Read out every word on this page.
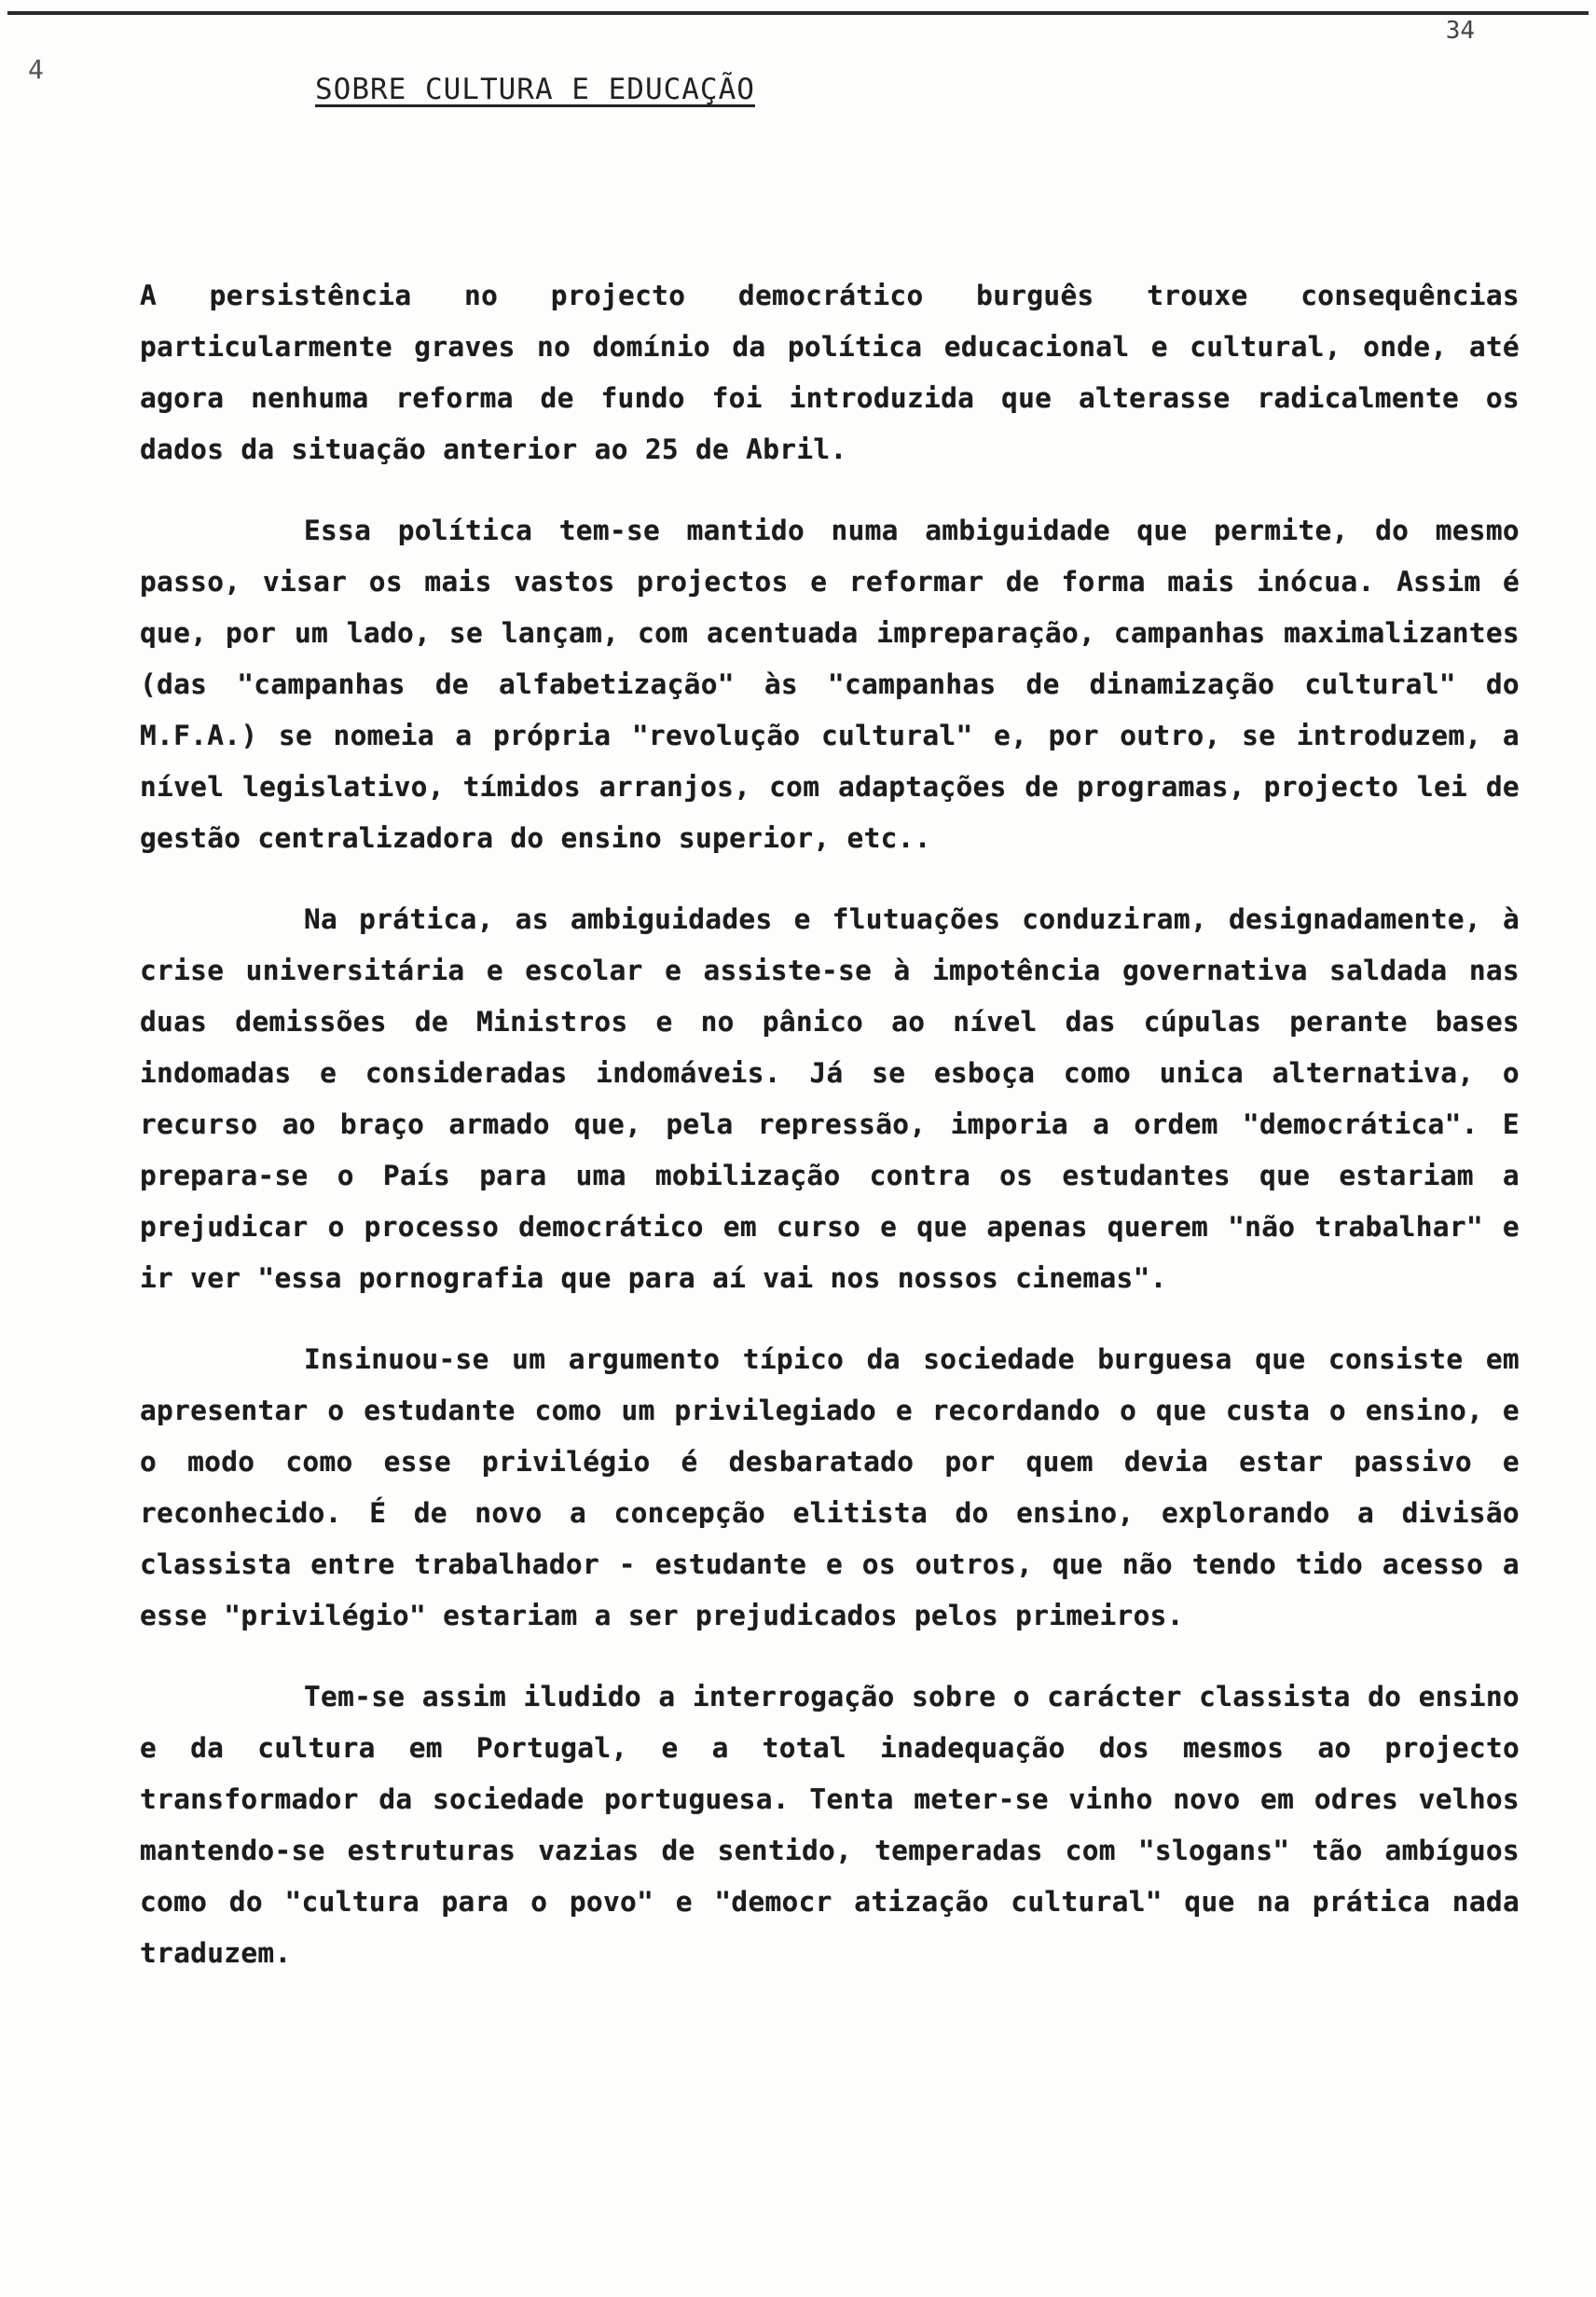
34
4
SOBRE CULTURA E EDUCAÇÃO

A persistência no projecto democrático burguês trouxe consequências particularmente graves no domínio da política educacional e cultural, onde, até agora nenhuma reforma de fundo foi introduzida que alterasse radicalmente os dados da situação anterior ao 25 de Abril.

Essa política tem-se mantido numa ambiguidade que permite, do mesmo passo, visar os mais vastos projectos e reformar de forma mais inócua. Assim é que, por um lado, se lançam, com acentuada impreparação, campanhas maximalizantes (das "campanhas de alfabetização" às "campanhas de dinamização cultural" do M.F.A.) se nomeia a própria "revolução cultural" e, por outro, se introduzem, a nível legislativo, tímidos arranjos, com adaptações de programas, projecto lei de gestão centralizadora do ensino superior, etc..

Na prática, as ambiguidades e flutuações conduziram, designadamente, à crise universitária e escolar e assiste-se à impotência governativa saldada nas duas demissões de Ministros e no pânico ao nível das cúpulas perante bases indomadas e consideradas indomáveis. Já se esboça como unica alternativa, o recurso ao braço armado que, pela repressão, imporia a ordem "democrática". E prepara-se o País para uma mobilização contra os estudantes que estariam a prejudicar o processo democrático em curso e que apenas querem "não trabalhar" e ir ver "essa pornografia que para aí vai nos nossos cinemas".

Insinuou-se um argumento típico da sociedade burguesa que consiste em apresentar o estudante como um privilegiado e recordando o que custa o ensino, e o modo como esse privilégio é desbaratado por quem devia estar passivo e reconhecido. É de novo a concepção elitista do ensino, explorando a divisão classista entre trabalhador - estudante e os outros, que não tendo tido acesso a esse "privilégio" estariam a ser prejudicados pelos primeiros.

Tem-se assim iludido a interrogação sobre o carácter classista do ensino e da cultura em Portugal, e a total inadequação dos mesmos ao projecto transformador da sociedade portuguesa. Tenta meter-se vinho novo em odres velhos mantendo-se estruturas vazias de sentido, temperadas com "slogans" tão ambíguos como do "cultura para o povo" e "democr atização cultural" que na prática nada traduzem.
